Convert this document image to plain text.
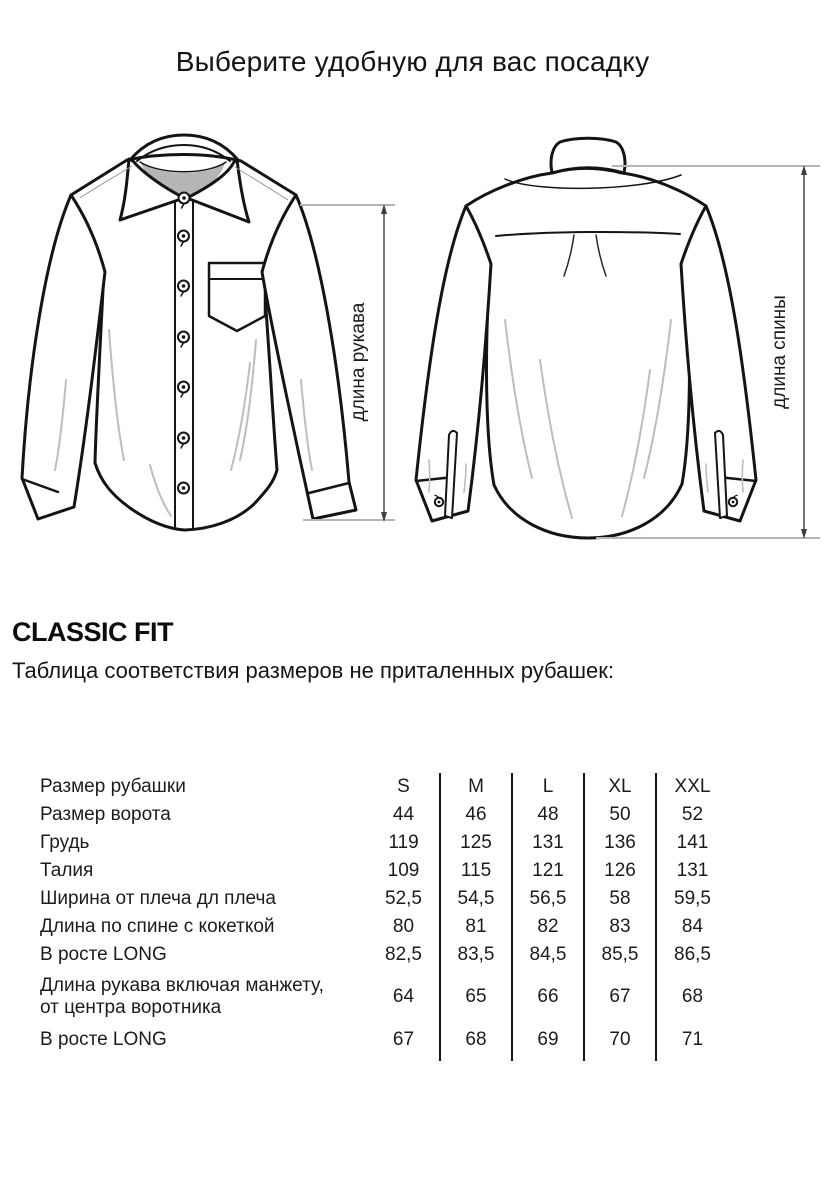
Выберите удобную для вас посадку
длина рукава	длина спины
CLASSIC FIT
Таблица соответствия размеров не приталенных рубашек:
Размер рубашки	S	M	L	XL	XXL
Размер ворота	44	46	48	50	52
Грудь	119	125	131	136	141
Талия	109	115	121	126	131
Ширина от плеча дл плеча	52,5	54,5	56,5	58	59,5
Длина по спине с кокеткой	80	81	82	83	84
В росте LONG	82,5	83,5	84,5	85,5	86,5

Длина рукава включая манжету,
от центра воротника	64	65	66	67	68
В росте LONG	67	68	69	70	71
